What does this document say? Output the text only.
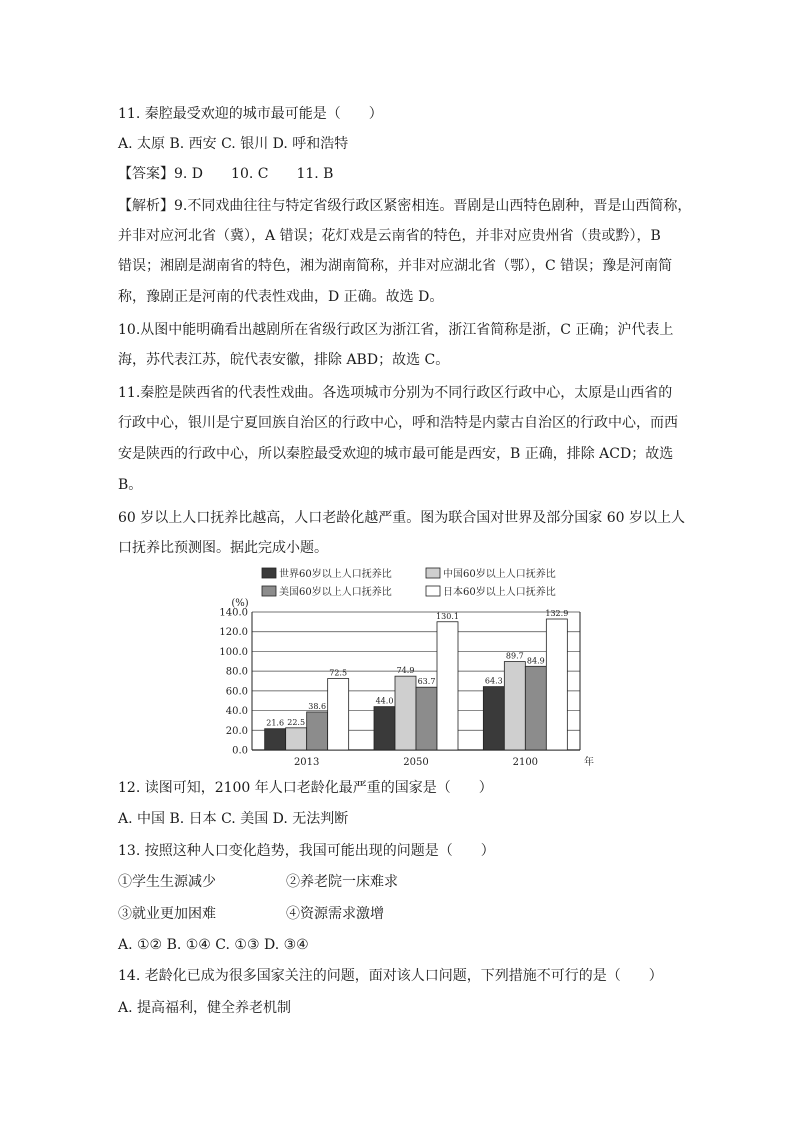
11. 秦腔最受欢迎的城市最可能是（　　）
A. 太原 B. 西安 C. 银川 D. 呼和浩特
【答案】9. D　　10. C　　11. B
【解析】9.不同戏曲往往与特定省级行政区紧密相连。晋剧是山西特色剧种，晋是山西简称，
并非对应河北省（冀），A 错误；花灯戏是云南省的特色，并非对应贵州省（贵或黔），B
错误；湘剧是湖南省的特色，湘为湖南简称，并非对应湖北省（鄂），C 错误；豫是河南简
称，豫剧正是河南的代表性戏曲，D 正确。故选 D。
10.从图中能明确看出越剧所在省级行政区为浙江省，浙江省简称是浙，C 正确；沪代表上
海，苏代表江苏，皖代表安徽，排除 ABD；故选 C。
11.秦腔是陕西省的代表性戏曲。各选项城市分别为不同行政区行政中心，太原是山西省的
行政中心，银川是宁夏回族自治区的行政中心，呼和浩特是内蒙古自治区的行政中心，而西
安是陕西的行政中心，所以秦腔最受欢迎的城市最可能是西安，B 正确，排除 ACD；故选
B。
60 岁以上人口抚养比越高，人口老龄化越严重。图为联合国对世界及部分国家 60 岁以上人
口抚养比预测图。据此完成小题。
世界60岁以上人口抚养比	中国60岁以上人口抚养比
美国60岁以上人口抚养比	日本60岁以上人口抚养比
(%)
140.0
120.0
100.0
80.0
60.0
40.0
20.0
0.0
21.6 22.5
38.6
72.5
2013
44.0
74.9
63.7
130.1
2050
64.3
89.7
84.9
132.9
2100	年
12. 读图可知，2100 年人口老龄化最严重的国家是（　　）
A. 中国 B. 日本 C. 美国 D. 无法判断
13. 按照这种人口变化趋势，我国可能出现的问题是（　　）
①学生生源减少	②养老院一床难求
③就业更加困难	④资源需求激增
A. ①② B. ①④ C. ①③ D. ③④
14. 老龄化已成为很多国家关注的问题，面对该人口问题，下列措施不可行的是（　　）
A. 提高福利，健全养老机制
